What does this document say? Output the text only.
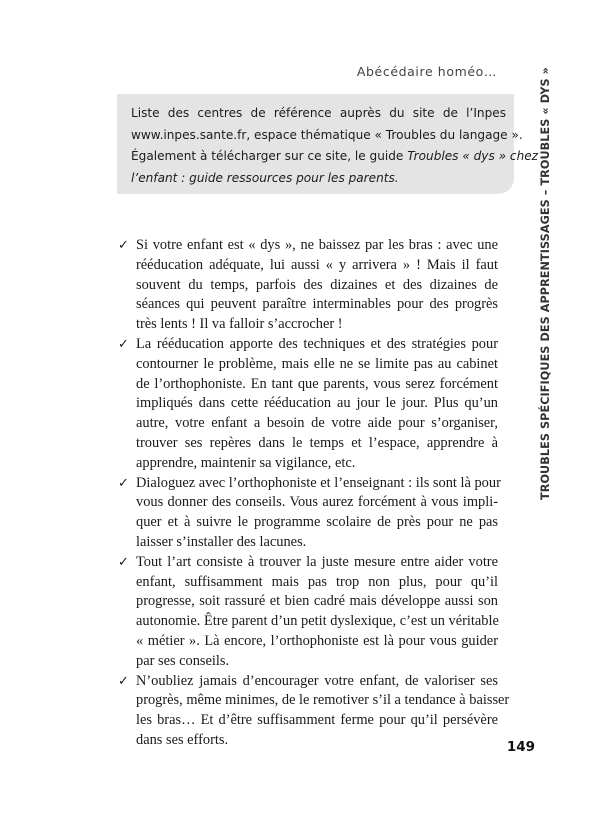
Abécédaire homéo…
Liste des centres de référence auprès du site de l’Inpes
www.inpes.sante.fr, espace thématique « Troubles du langage ».
Également à télécharger sur ce site, le guide Troubles « dys » chez
l’enfant : guide ressources pour les parents.
✓ Si votre enfant est « dys », ne baissez par les bras : avec une
rééducation adéquate, lui aussi « y arrivera » ! Mais il faut
souvent du temps, parfois des dizaines et des dizaines de
séances qui peuvent paraître interminables pour des progrès
très lents ! Il va falloir s’accrocher !
✓ La rééducation apporte des techniques et des stratégies pour
contourner le problème, mais elle ne se limite pas au cabinet
de l’orthophoniste. En tant que parents, vous serez forcément
impliqués dans cette rééducation au jour le jour. Plus qu’un
autre, votre enfant a besoin de votre aide pour s’organiser,
trouver ses repères dans le temps et l’espace, apprendre à
apprendre, maintenir sa vigilance, etc.
✓ Dialoguez avec l’orthophoniste et l’enseignant : ils sont là pour
vous donner des conseils. Vous aurez forcément à vous impli-
quer et à suivre le programme scolaire de près pour ne pas
laisser s’installer des lacunes.
✓ Tout l’art consiste à trouver la juste mesure entre aider votre
enfant, suffisamment mais pas trop non plus, pour qu’il
progresse, soit rassuré et bien cadré mais développe aussi son
autonomie. Être parent d’un petit dyslexique, c’est un véritable
« métier ». Là encore, l’orthophoniste est là pour vous guider
par ses conseils.
✓ N’oubliez jamais d’encourager votre enfant, de valoriser ses
progrès, même minimes, de le remotiver s’il a tendance à baisser
les bras… Et d’être suffisamment ferme pour qu’il persévère
dans ses efforts.
TROUBLES SPÉCIFIQUES DES APPRENTISSAGES – TROUBLES « DYS »
149
